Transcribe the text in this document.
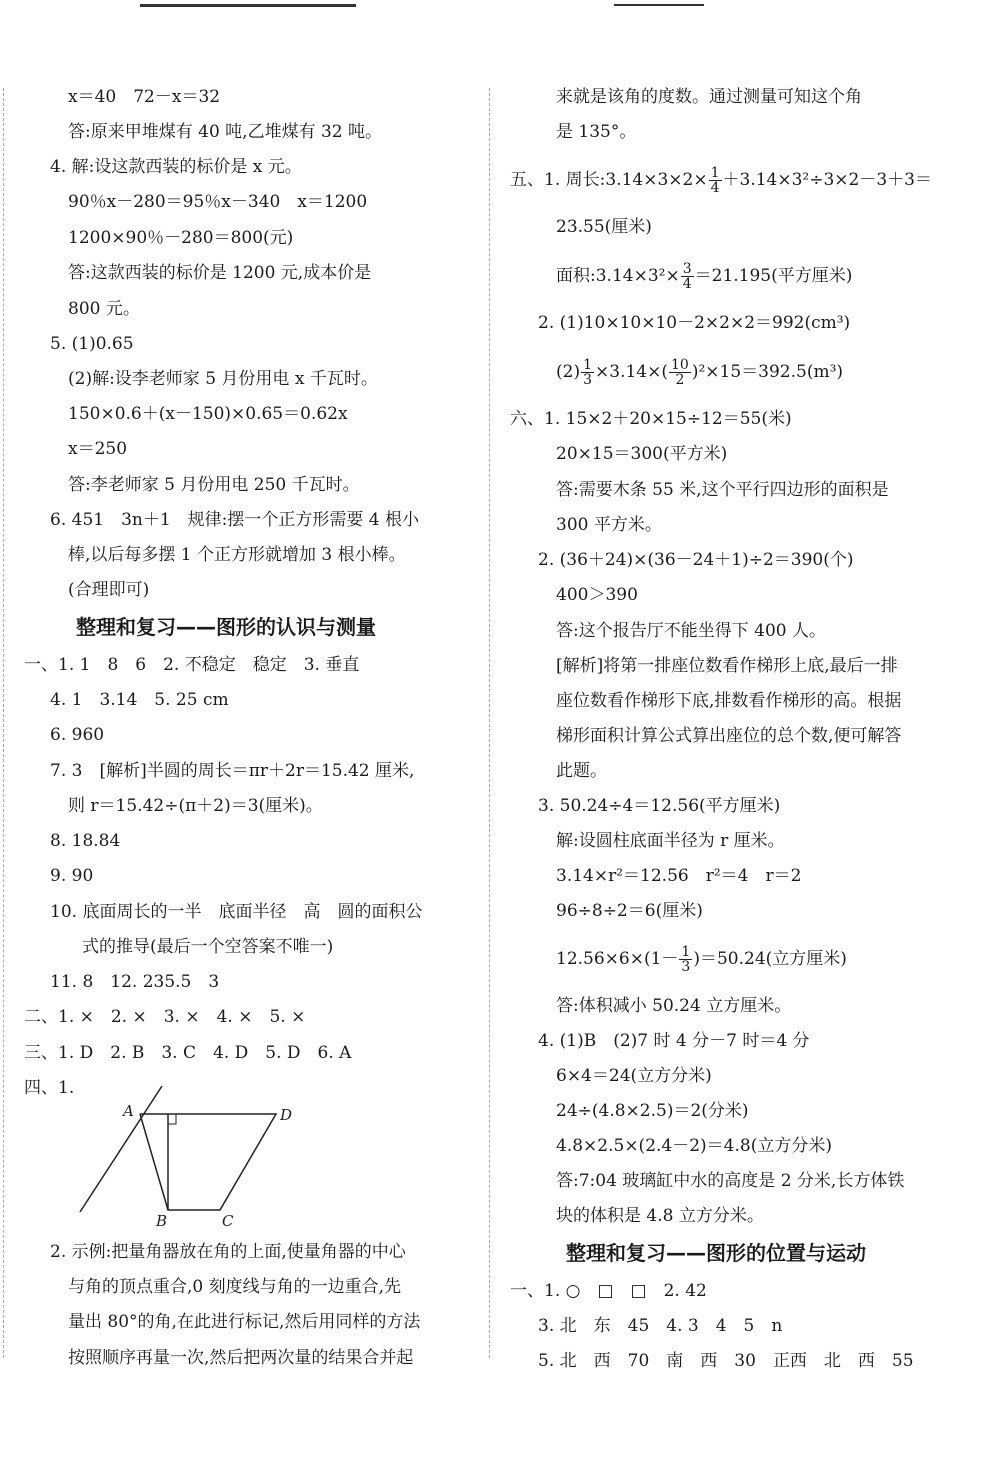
x＝40　72－x＝32
答:原来甲堆煤有 40 吨,乙堆煤有 32 吨。
4. 解:设这款西装的标价是 x 元。
90％x－280＝95％x－340　x＝1200
1200×90％－280＝800(元)
答:这款西装的标价是 1200 元,成本价是
800 元。
5. (1)0.65
(2)解:设李老师家 5 月份用电 x 千瓦时。
150×0.6＋(x－150)×0.65＝0.62x
x＝250
答:李老师家 5 月份用电 250 千瓦时。
6. 451　3n＋1　规律:摆一个正方形需要 4 根小
棒,以后每多摆 1 个正方形就增加 3 根小棒。
(合理即可)
一、1. 1　8　6　2. 不稳定　稳定　3. 垂直
4. 1　3.14　5. 25 cm
6. 960
7. 3　[解析]半圆的周长＝πr＋2r＝15.42 厘米,
则 r＝15.42÷(π＋2)＝3(厘米)。
8. 18.84
9. 90
10. 底面周长的一半　底面半径　高　圆的面积公
式的推导(最后一个空答案不唯一)
11. 8　12. 235.5　3
二、1. ×　2. ×　3. ×　4. ×　5. ×
三、1. D　2. B　3. C　4. D　5. D　6. A
四、1.
2. 示例:把量角器放在角的上面,使量角器的中心
与角的顶点重合,0 刻度线与角的一边重合,先
量出 80°的角,在此进行标记,然后用同样的方法
按照顺序再量一次,然后把两次量的结果合并起
来就是该角的度数。通过测量可知这个角
是 135°。
23.55(厘米)
2. (1)10×10×10－2×2×2＝992(cm³)
六、1. 15×2＋20×15÷12＝55(米)
20×15＝300(平方米)
答:需要木条 55 米,这个平行四边形的面积是
300 平方米。
2. (36＋24)×(36－24＋1)÷2＝390(个)
400＞390
答:这个报告厅不能坐得下 400 人。
[解析]将第一排座位数看作梯形上底,最后一排
座位数看作梯形下底,排数看作梯形的高。根据
梯形面积计算公式算出座位的总个数,便可解答
此题。
3. 50.24÷4＝12.56(平方厘米)
解:设圆柱底面半径为 r 厘米。
3.14×r²＝12.56　r²＝4　r＝2
96÷8÷2＝6(厘米)
答:体积减小 50.24 立方厘米。
4. (1)B　(2)7 时 4 分－7 时＝4 分
6×4＝24(立方分米)
24÷(4.8×2.5)＝2(分米)
4.8×2.5×(2.4－2)＝4.8(立方分米)
答:7:04 玻璃缸中水的高度是 2 分米,长方体铁
块的体积是 4.8 立方分米。
一、1. ○　□　□　2. 42
3. 北　东　45　4. 3　4　5　n
5. 北　西　70　南　西　30　正西　北　西　55
整理和复习——图形的认识与测量
整理和复习——图形的位置与运动
五、1. 周长:3.14×3×2× $\frac{1}{4} +3.14\times 3^2\div 3\times 2-3+3=$
面积:3.14×3²× $\frac{3}{4} =21.195$(平方厘米)
$(2) \frac{1}{3} \times 3.14\times( \frac{10}{2} )^2\times 15=392.5(m^3)$
$12.56\times 6\times(1- \frac{1}{3} )=50.24$(立方厘米)
A	D
B	C
